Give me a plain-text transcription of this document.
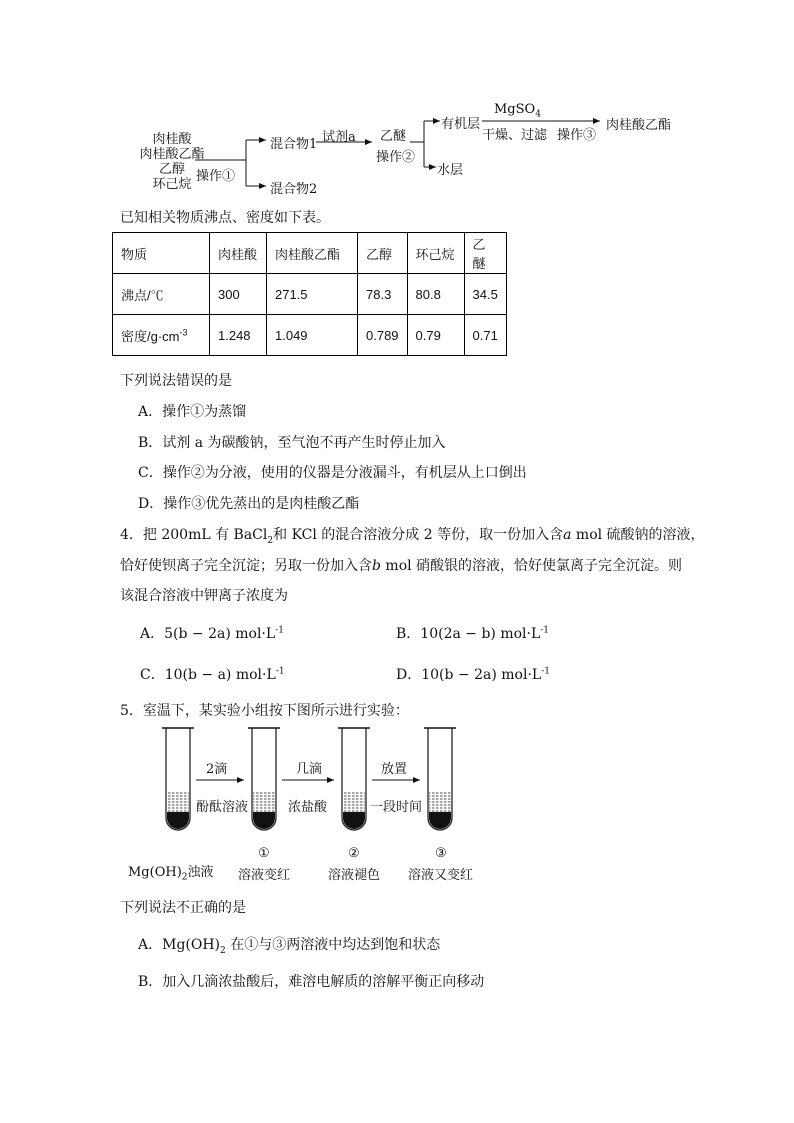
肉桂酸
肉桂酸乙酯
乙醇
环己烷
操作①
混合物1
混合物2
试剂a 乙醚
操作②
有机层
水层
MgSO$_4$
干燥、过滤 操作③
肉桂酸乙酯
已知相关物质沸点、密度如下表。
物质	肉桂酸	肉桂酸乙酯	乙醇	环己烷	乙醚
沸点/℃	300	271.5	78.3	80.8	34.5
密度$/g\cdot cm^{-3}$	1.248	1.049	0.789	0.79	0.71
下列说法错误的是
A．操作①为蒸馏
B．试剂 a 为碳酸钠，至气泡不再产生时停止加入
C．操作②为分液，使用的仪器是分液漏斗，有机层从上口倒出
D．操作③优先蒸出的是肉桂酸乙酯
4．把 200mL 有 BaCl$_2$和 KCl 的混合溶液分成 2 等份，取一份加入含a mol 硫酸钠的溶液，
恰好使钡离子完全沉淀；另取一份加入含b mol 硝酸银的溶液，恰好使氯离子完全沉淀。则
该混合溶液中钾离子浓度为
A．5(b − 2a) $mol\cdot L^{-1}$	B．10(2a − b) $mol\cdot L^{-1}$
C．10(b − a) $mol\cdot L^{-1}$	D．10(b − 2a) $mol\cdot L^{-1}$
5．室温下，某实验小组按下图所示进行实验：
2滴
酚酞溶液
几滴
浓盐酸
放置
一段时间
$Mg(OH)_2$浊液
①
溶液变红
②
溶液褪色
③
溶液又变红
下列说法不正确的是
A．$Mg(OH)_2$ 在①与③两溶液中均达到饱和状态
B．加入几滴浓盐酸后，难溶电解质的溶解平衡正向移动
